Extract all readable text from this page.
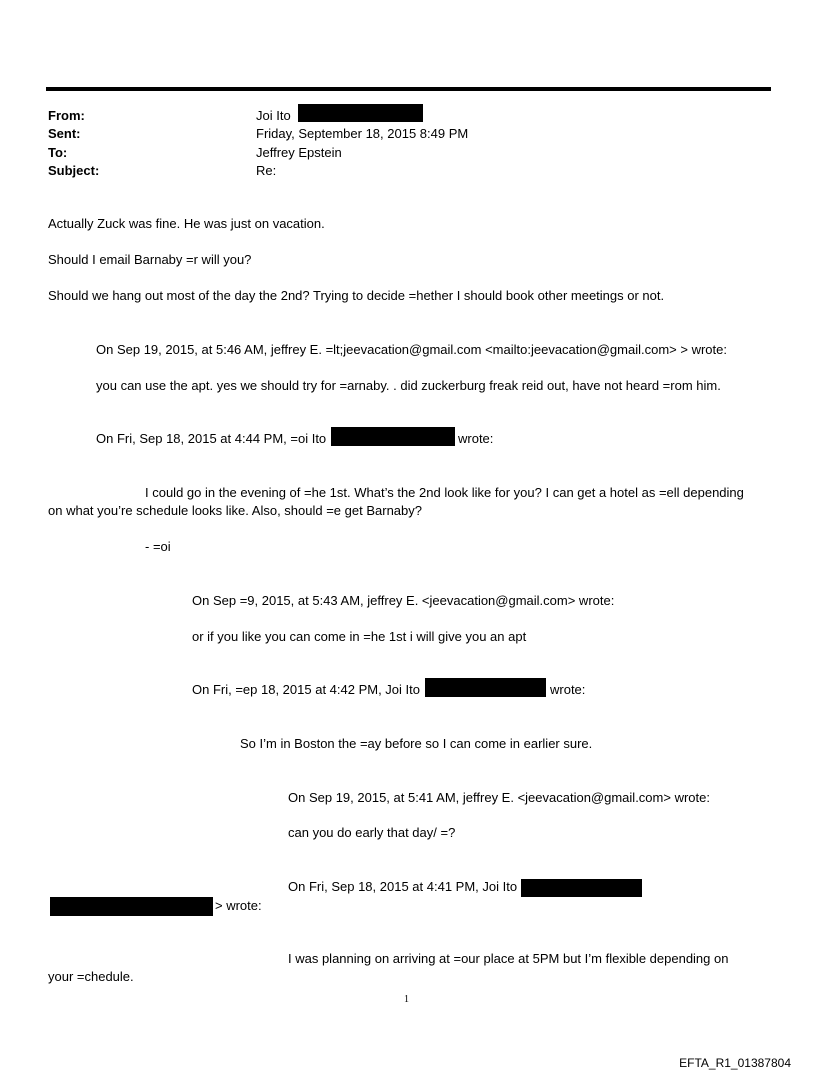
From:	Joi Ito
Sent:	Friday, September 18, 2015 8:49 PM
To:	Jeffrey Epstein
Subject:	Re:
Actually Zuck was fine. He was just on vacation.
Should I email Barnaby =r will you?
Should we hang out most of the day the 2nd? Trying to decide =hether I should book other meetings or not.
On Sep 19, 2015, at 5:46 AM, jeffrey E. =lt;jeevacation@gmail.com <mailto:jeevacation@gmail.com> > wrote:
you can use the apt. yes we should try for =arnaby. . did zuckerburg freak reid out, have not heard =rom him.
On Fri, Sep 18, 2015 at 4:44 PM, =oi Ito	wrote:
I could go in the evening of =he 1st. What’s the 2nd look like for you? I can get a hotel as =ell depending
on what you’re schedule looks like. Also, should =e get Barnaby?
- =oi
On Sep =9, 2015, at 5:43 AM, jeffrey E. <jeevacation@gmail.com> wrote:
or if you like you can come in =he 1st i will give you an apt
On Fri, =ep 18, 2015 at 4:42 PM, Joi Ito	wrote:
So I’m in Boston the =ay before so I can come in earlier sure.
On Sep 19, 2015, at 5:41 AM, jeffrey E. <jeevacation@gmail.com> wrote:
can you do early that day/ =?
On Fri, Sep 18, 2015 at 4:41 PM, Joi Ito
> wrote:
I was planning on arriving at =our place at 5PM but I’m flexible depending on
your =chedule.
1
EFTA_R1_01387804
